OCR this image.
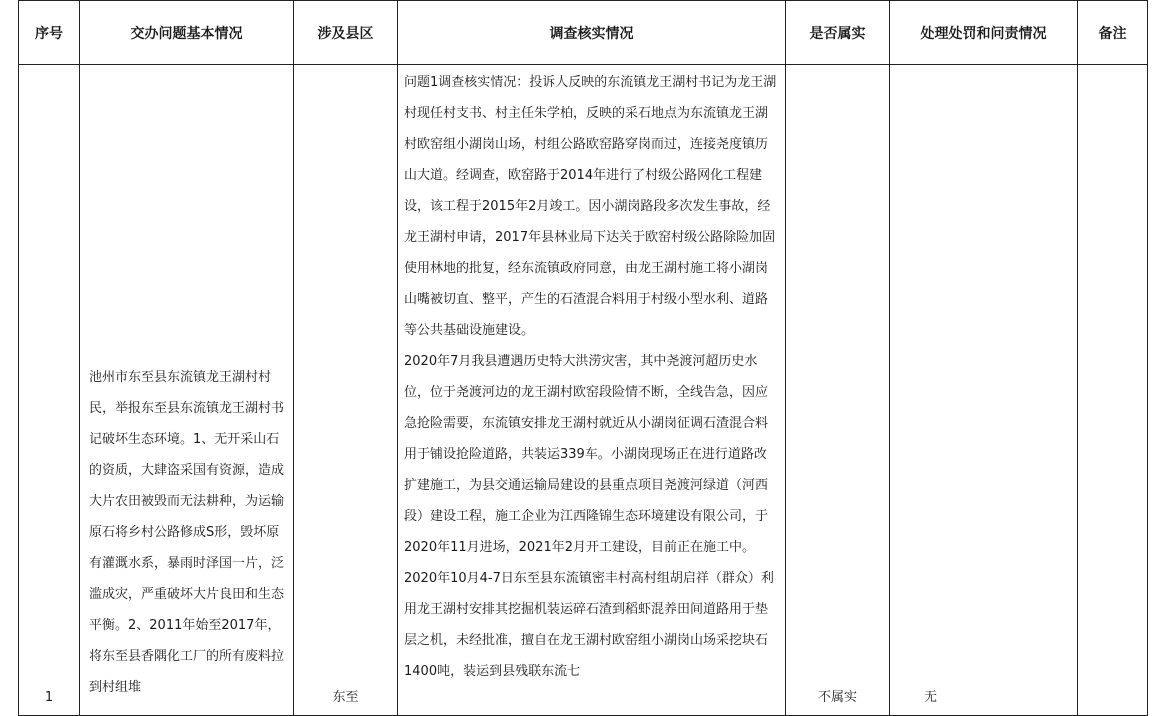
序号	交办问题基本情况	涉及县区	调查核实情况	是否属实	处理处罚和问责情况	备注
1	池州市东至县东流镇龙王湖村村民，举报东至县东流镇龙王湖村书记破坏生态环境。1、无开采山石的资质，大肆盗采国有资源，造成大片农田被毁而无法耕种，为运输原石将乡村公路修成S形，毁坏原有灌溉水系，暴雨时泽国一片，泛滥成灾，严重破坏大片良田和生态平衡。2、2011年始至2017年，将东至县香隅化工厂的所有废料拉到村组堆	东至	问题1调查核实情况：投诉人反映的东流镇龙王湖村书记为龙王湖村现任村支书、村主任朱学柏，反映的采石地点为东流镇龙王湖村欧窑组小湖岗山场，村组公路欧窑路穿岗而过，连接尧度镇历山大道。经调查，欧窑路于2014年进行了村级公路网化工程建设，该工程于2015年2月竣工。因小湖岗路段多次发生事故，经龙王湖村申请，2017年县林业局下达关于欧窑村级公路除险加固使用林地的批复，经东流镇政府同意，由龙王湖村施工将小湖岗山嘴被切直、整平，产生的石渣混合料用于村级小型水利、道路等公共基础设施建设。
2020年7月我县遭遇历史特大洪涝灾害，其中尧渡河超历史水位，位于尧渡河边的龙王湖村欧窑段险情不断，全线告急，因应急抢险需要，东流镇安排龙王湖村就近从小湖岗征调石渣混合料用于铺设抢险道路，共装运339车。小湖岗现场正在进行道路改扩建施工，为县交通运输局建设的县重点项目尧渡河绿道（河西段）建设工程，施工企业为江西隆锦生态环境建设有限公司，于2020年11月进场，2021年2月开工建设，目前正在施工中。2020年10月4-7日东至县东流镇密丰村高村组胡启祥（群众）利用龙王湖村安排其挖掘机装运碎石渣到稻虾混养田间道路用于垫层之机，未经批准，擅自在龙王湖村欧窑组小湖岗山场采挖块石1400吨，装运到县残联东流七	不属实	无	
